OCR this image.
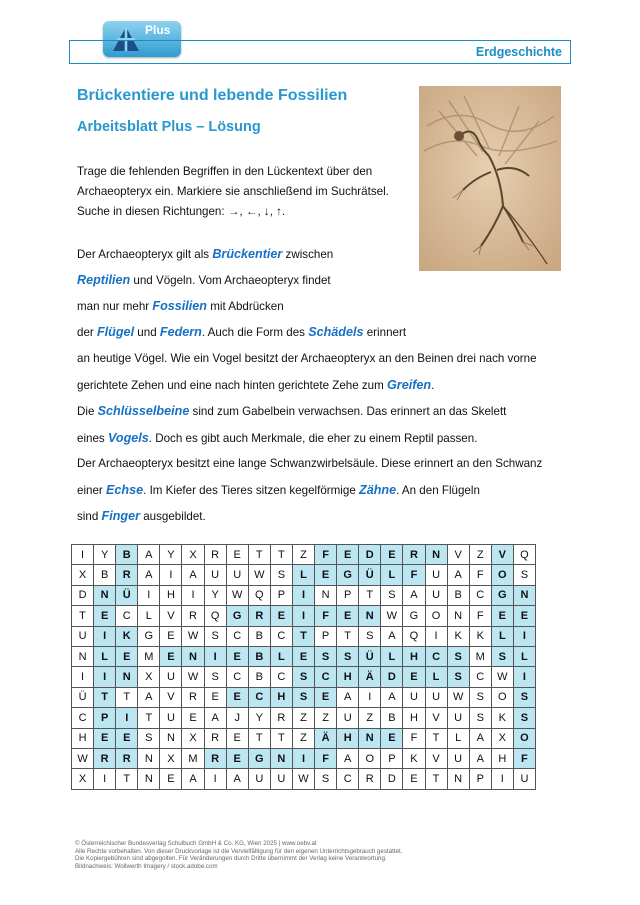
Plus
Erdgeschichte
Brückentiere und lebende Fossilien
Arbeitsblatt Plus – Lösung
Trage die fehlenden Begriffen in den Lückentext über den
Archaeopteryx ein. Markiere sie anschließend im Suchrätsel.
Suche in diesen Richtungen: →, ←, ↓, ↑.
Der Archaeopteryx gilt als Brückentier zwischen
Reptilien und Vögeln. Vom Archaeopteryx findet
man nur mehr Fossilien mit Abdrücken
der Flügel und Federn. Auch die Form des Schädels erinnert
an heutige Vögel. Wie ein Vogel besitzt der Archaeopteryx an den Beinen drei nach vorne
gerichtete Zehen und eine nach hinten gerichtete Zehe zum Greifen.
Die Schlüsselbeine sind zum Gabelbein verwachsen. Das erinnert an das Skelett
eines Vogels. Doch es gibt auch Merkmale, die eher zu einem Reptil passen.
Der Archaeopteryx besitzt eine lange Schwanzwirbelsäule. Diese erinnert an den Schwanz
einer Echse. Im Kiefer des Tieres sitzen kegelförmige Zähne. An den Flügeln
sind Finger ausgebildet.
I	Y	B	A	Y	X	R	E	T	T	Z	F	E	D	E	R	N	V	Z	V	Q
X	B	R	A	I	A	U	U	W	S	L	E	G	Ü	L	F	U	A	F	O	S
D	N	Ü	I	H	I	Y	W	Q	P	I	N	P	T	S	A	U	B	C	G	N
T	E	C	L	V	R	Q	G	R	E	I	F	E	N	W	G	O	N	F	E	E
U	I	K	G	E	W	S	C	B	C	T	P	T	S	A	Q	I	K	K	L	I
N	L	E	M	E	N	I	E	B	L	E	S	S	Ü	L	H	C	S	M	S	L
I	I	N	X	U	W	S	C	B	C	S	C	H	Ä	D	E	L	S	C	W	I
Ü	T	T	A	V	R	E	E	C	H	S	E	A	I	A	U	U	W	S	O	S
C	P	I	T	U	E	A	J	Y	R	Z	Z	U	Z	B	H	V	U	S	K	S
H	E	E	S	N	X	R	E	T	T	Z	Ä	H	N	E	F	T	L	A	X	O
W	R	R	N	X	M	R	E	G	N	I	F	A	O	P	K	V	U	A	H	F
X	I	T	N	E	A	I	A	U	U	W	S	C	R	D	E	T	N	P	I	U
© Österreichischer Bundesverlag Schulbuch GmbH & Co. KG, Wien 2025 | www.oebv.at
Alle Rechte vorbehalten. Von dieser Druckvorlage ist die Vervielfältigung für den eigenen Unterrichtsgebrauch gestattet.
Die Kopiergebühren sind abgegolten. Für Veränderungen durch Dritte übernimmt der Verlag keine Verantwortung.
Bildnachweis: Wollwerth Imagery / stock.adobe.com
